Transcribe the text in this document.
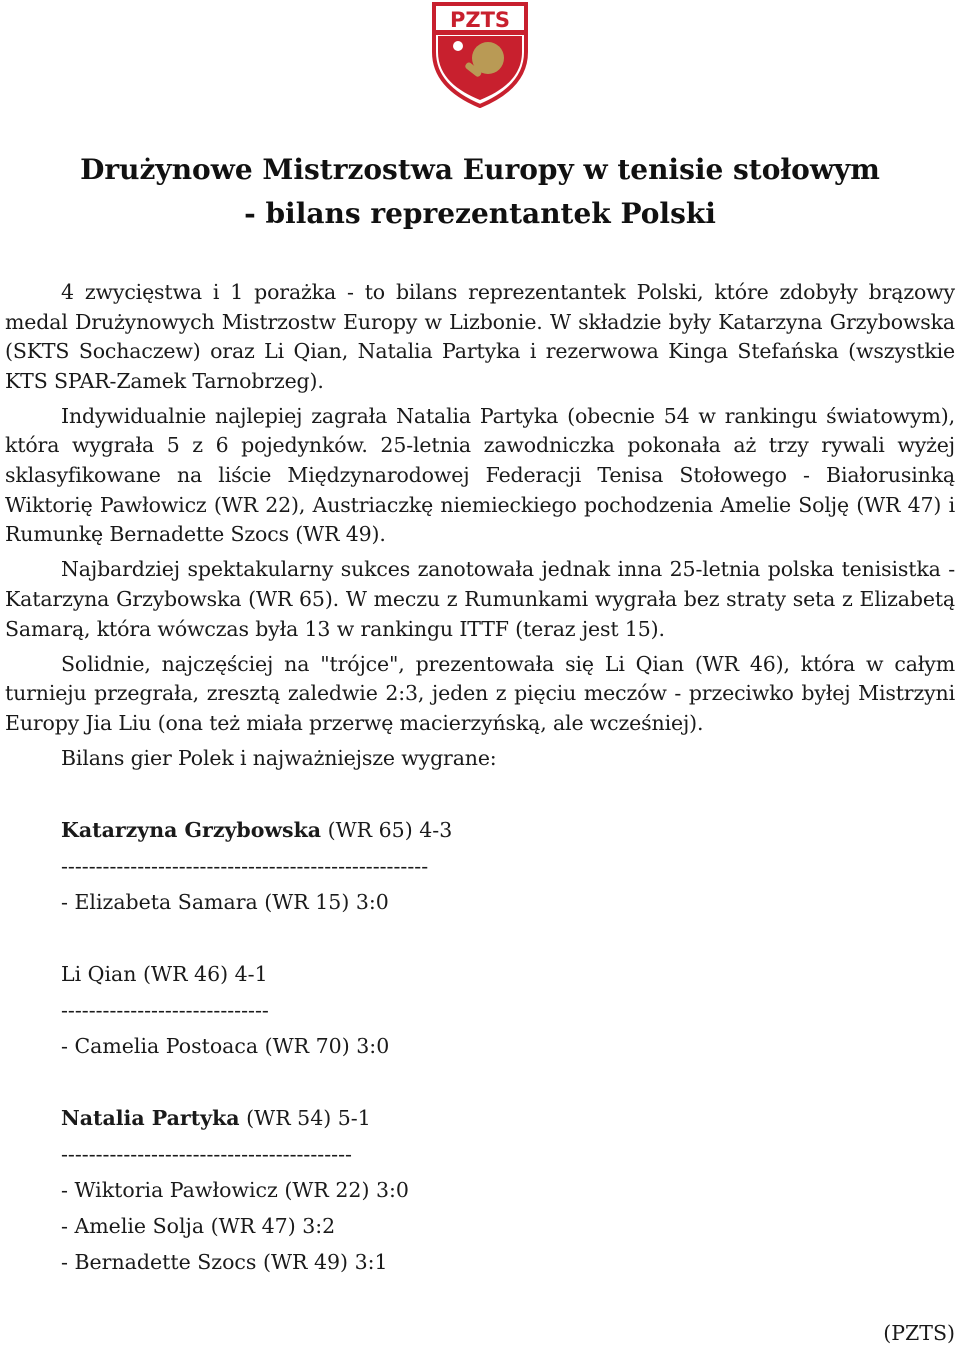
PZTS
Drużynowe Mistrzostwa Europy w tenisie stołowym
- bilans reprezentantek Polski

4 zwycięstwa i 1 porażka - to bilans reprezentantek Polski, które zdobyły brązowy medal Drużynowych Mistrzostw Europy w Lizbonie. W składzie były Katarzyna Grzybowska (SKTS Sochaczew) oraz Li Qian, Natalia Partyka i rezerwowa Kinga Stefańska (wszystkie KTS SPAR-Zamek Tarnobrzeg).

Indywidualnie najlepiej zagrała Natalia Partyka (obecnie 54 w rankingu światowym), która wygrała 5 z 6 pojedynków. 25-letnia zawodniczka pokonała aż trzy rywali wyżej sklasyfikowane na liście Międzynarodowej Federacji Tenisa Stołowego - Białorusinką Wiktorię Pawłowicz (WR 22), Austriaczkę niemieckiego pochodzenia Amelie Solję (WR 47) i Rumunkę Bernadette Szocs (WR 49).

Najbardziej spektakularny sukces zanotowała jednak inna 25-letnia polska tenisistka - Katarzyna Grzybowska (WR 65). W meczu z Rumunkami wygrała bez straty seta z Elizabetą Samarą, która wówczas była 13 w rankingu ITTF (teraz jest 15).

Solidnie, najczęściej na "trójce", prezentowała się Li Qian (WR 46), która w całym turnieju przegrała, zresztą zaledwie 2:3, jeden z pięciu meczów - przeciwko byłej Mistrzyni Europy Jia Liu (ona też miała przerwę macierzyńską, ale wcześniej).

Bilans gier Polek i najważniejsze wygrane:

Katarzyna Grzybowska (WR 65) 4-3
-----------------------------------------------------
- Elizabeta Samara (WR 15) 3:0
Li Qian (WR 46) 4-1
------------------------------
- Camelia Postoaca (WR 70) 3:0
Natalia Partyka (WR 54) 5-1
------------------------------------------
- Wiktoria Pawłowicz (WR 22) 3:0
- Amelie Solja (WR 47) 3:2
- Bernadette Szocs (WR 49) 3:1
(PZTS)
